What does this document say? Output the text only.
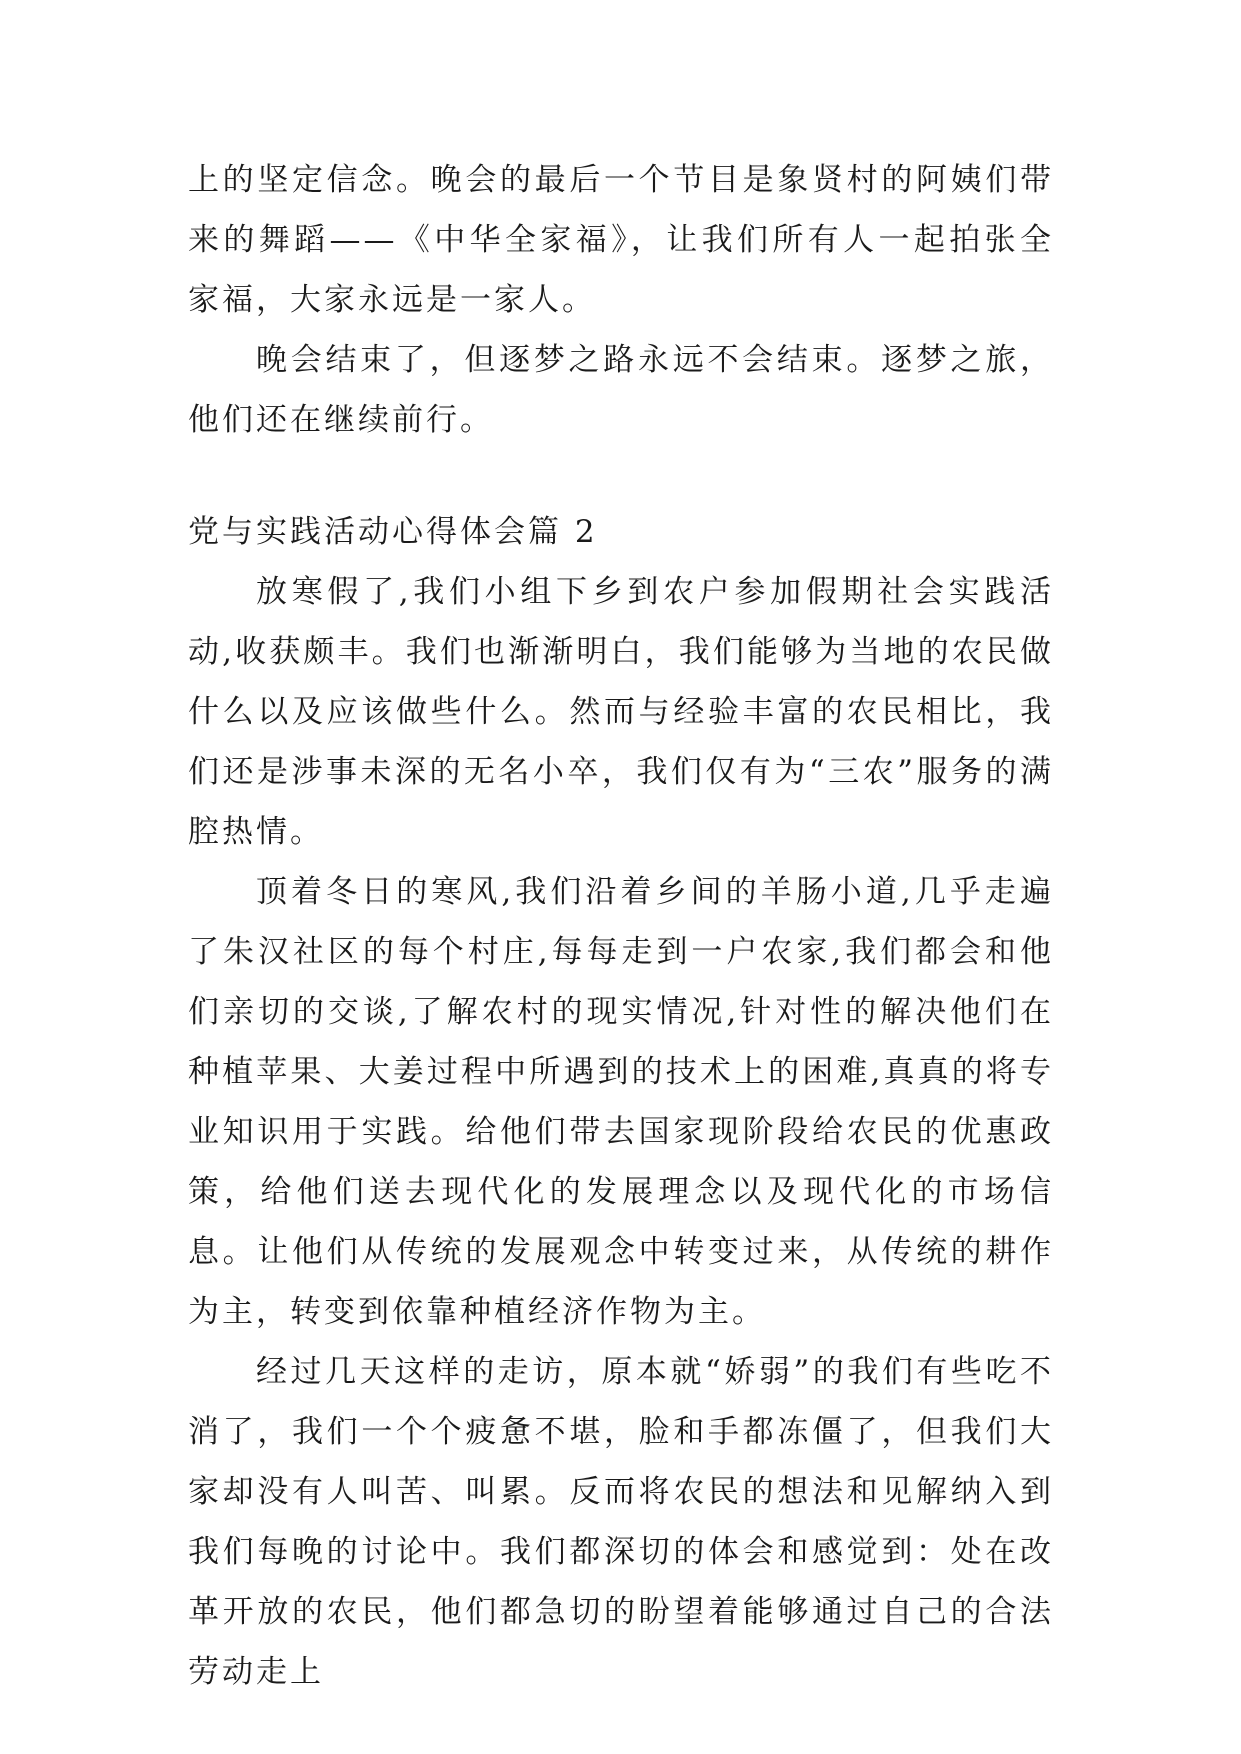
上的坚定信念。晚会的最后一个节目是象贤村的阿姨们带来的舞蹈——《中华全家福》，让我们所有人一起拍张全家福，大家永远是一家人。

晚会结束了，但逐梦之路永远不会结束。逐梦之旅，他们还在继续前行。

党与实践活动心得体会篇 2

放寒假了,我们小组下乡到农户参加假期社会实践活动,收获颇丰。我们也渐渐明白，我们能够为当地的农民做什么以及应该做些什么。然而与经验丰富的农民相比，我们还是涉事未深的无名小卒，我们仅有为“三农”服务的满腔热情。

顶着冬日的寒风,我们沿着乡间的羊肠小道,几乎走遍了朱汉社区的每个村庄,每每走到一户农家,我们都会和他们亲切的交谈,了解农村的现实情况,针对性的解决他们在种植苹果、大姜过程中所遇到的技术上的困难,真真的将专业知识用于实践。给他们带去国家现阶段给农民的优惠政策，给他们送去现代化的发展理念以及现代化的市场信息。让他们从传统的发展观念中转变过来，从传统的耕作为主，转变到依靠种植经济作物为主。

经过几天这样的走访，原本就“娇弱”的我们有些吃不消了，我们一个个疲惫不堪，脸和手都冻僵了，但我们大家却没有人叫苦、叫累。反而将农民的想法和见解纳入到我们每晚的讨论中。我们都深切的体会和感觉到：处在改革开放的农民，他们都急切的盼望着能够通过自己的合法劳动走上
